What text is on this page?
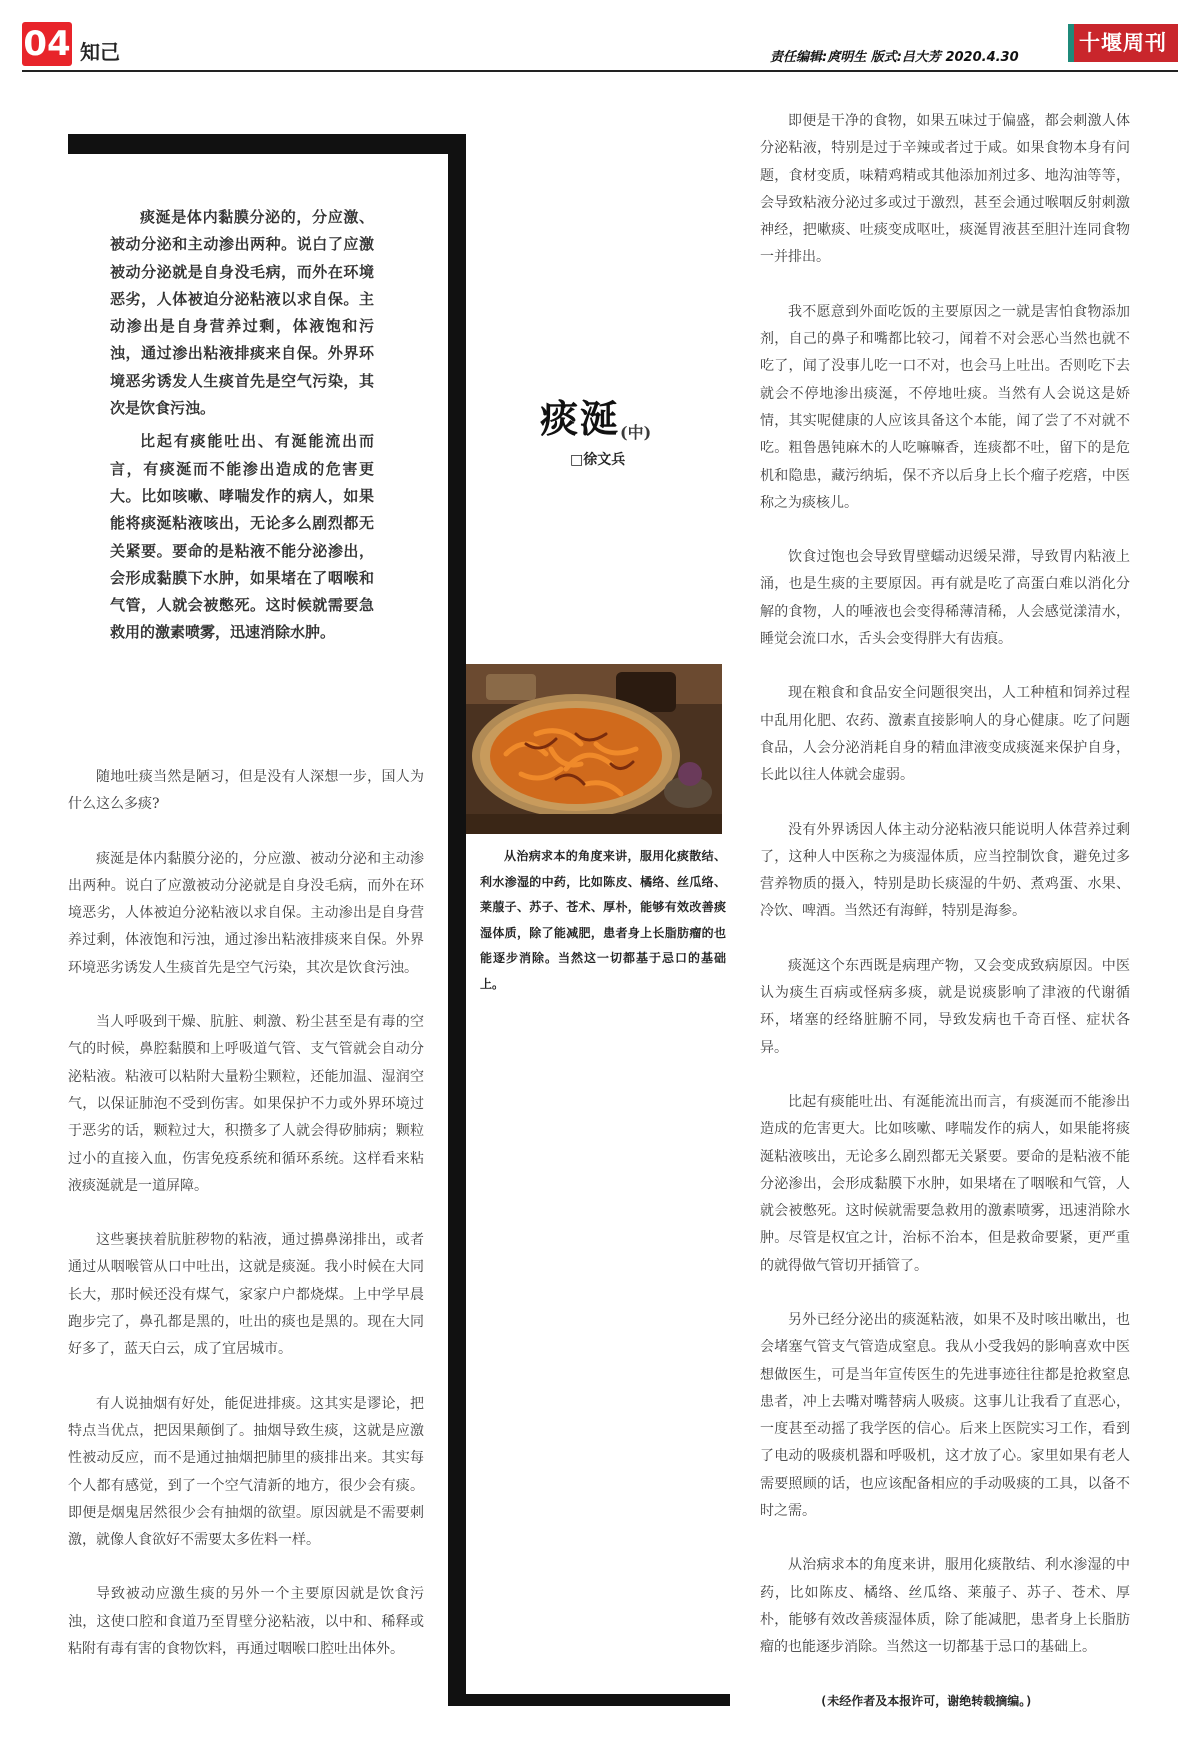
04 知己	责任编辑:庹明生 版式:吕大芳 2020.4.30
十堰周刊

痰涎是体内黏膜分泌的，分应激、被动分泌和主动渗出两种。说白了应激被动分泌就是自身没毛病，而外在环境恶劣，人体被迫分泌粘液以求自保。主动渗出是自身营养过剩，体液饱和污浊，通过渗出粘液排痰来自保。外界环境恶劣诱发人生痰首先是空气污染，其次是饮食污浊。

比起有痰能吐出、有涎能流出而言，有痰涎而不能渗出造成的危害更大。比如咳嗽、哮喘发作的病人，如果能将痰涎粘液咳出，无论多么剧烈都无关紧要。要命的是粘液不能分泌渗出，会形成黏膜下水肿，如果堵在了咽喉和气管，人就会被憋死。这时候就需要急救用的激素喷雾，迅速消除水肿。

痰涎(中)
□徐文兵
从治病求本的角度来讲，服用化痰散结、利水渗湿的中药，比如陈皮、橘络、丝瓜络、莱菔子、苏子、苍术、厚朴，能够有效改善痰湿体质，除了能减肥，患者身上长脂肪瘤的也能逐步消除。当然这一切都基于忌口的基础上。

随地吐痰当然是陋习，但是没有人深想一步，国人为什么这么多痰?

痰涎是体内黏膜分泌的，分应激、被动分泌和主动渗出两种。说白了应激被动分泌就是自身没毛病，而外在环境恶劣，人体被迫分泌粘液以求自保。主动渗出是自身营养过剩，体液饱和污浊，通过渗出粘液排痰来自保。外界环境恶劣诱发人生痰首先是空气污染，其次是饮食污浊。

当人呼吸到干燥、肮脏、刺激、粉尘甚至是有毒的空气的时候，鼻腔黏膜和上呼吸道气管、支气管就会自动分泌粘液。粘液可以粘附大量粉尘颗粒，还能加温、湿润空气，以保证肺泡不受到伤害。如果保护不力或外界环境过于恶劣的话，颗粒过大，积攒多了人就会得矽肺病；颗粒过小的直接入血，伤害免疫系统和循环系统。这样看来粘液痰涎就是一道屏障。

这些裹挟着肮脏秽物的粘液，通过擤鼻涕排出，或者通过从咽喉管从口中吐出，这就是痰涎。我小时候在大同长大，那时候还没有煤气，家家户户都烧煤。上中学早晨跑步完了，鼻孔都是黑的，吐出的痰也是黑的。现在大同好多了，蓝天白云，成了宜居城市。

有人说抽烟有好处，能促进排痰。这其实是谬论，把特点当优点，把因果颠倒了。抽烟导致生痰，这就是应激性被动反应，而不是通过抽烟把肺里的痰排出来。其实每个人都有感觉，到了一个空气清新的地方，很少会有痰。即便是烟鬼居然很少会有抽烟的欲望。原因就是不需要刺激，就像人食欲好不需要太多佐料一样。

导致被动应激生痰的另外一个主要原因就是饮食污浊，这使口腔和食道乃至胃壁分泌粘液，以中和、稀释或粘附有毒有害的食物饮料，再通过咽喉口腔吐出体外。

即便是干净的食物，如果五味过于偏盛，都会刺激人体分泌粘液，特别是过于辛辣或者过于咸。如果食物本身有问题，食材变质，味精鸡精或其他添加剂过多、地沟油等等，会导致粘液分泌过多或过于激烈，甚至会通过喉咽反射刺激神经，把嗽痰、吐痰变成呕吐，痰涎胃液甚至胆汁连同食物一并排出。

我不愿意到外面吃饭的主要原因之一就是害怕食物添加剂，自己的鼻子和嘴都比较刁，闻着不对会恶心当然也就不吃了，闻了没事儿吃一口不对，也会马上吐出。否则吃下去就会不停地渗出痰涎，不停地吐痰。当然有人会说这是娇情，其实呢健康的人应该具备这个本能，闻了尝了不对就不吃。粗鲁愚钝麻木的人吃嘛嘛香，连痰都不吐，留下的是危机和隐患，藏污纳垢，保不齐以后身上长个瘤子疙瘩，中医称之为痰核儿。

饮食过饱也会导致胃壁蠕动迟缓呆滞，导致胃内粘液上涌，也是生痰的主要原因。再有就是吃了高蛋白难以消化分解的食物，人的唾液也会变得稀薄清稀，人会感觉漾清水，睡觉会流口水，舌头会变得胖大有齿痕。

现在粮食和食品安全问题很突出，人工种植和饲养过程中乱用化肥、农药、激素直接影响人的身心健康。吃了问题食品，人会分泌消耗自身的精血津液变成痰涎来保护自身，长此以往人体就会虚弱。

没有外界诱因人体主动分泌粘液只能说明人体营养过剩了，这种人中医称之为痰湿体质，应当控制饮食，避免过多营养物质的摄入，特别是助长痰湿的牛奶、煮鸡蛋、水果、冷饮、啤酒。当然还有海鲜，特别是海参。

痰涎这个东西既是病理产物，又会变成致病原因。中医认为痰生百病或怪病多痰，就是说痰影响了津液的代谢循环，堵塞的经络脏腑不同，导致发病也千奇百怪、症状各异。

比起有痰能吐出、有涎能流出而言，有痰涎而不能渗出造成的危害更大。比如咳嗽、哮喘发作的病人，如果能将痰涎粘液咳出，无论多么剧烈都无关紧要。要命的是粘液不能分泌渗出，会形成黏膜下水肿，如果堵在了咽喉和气管，人就会被憋死。这时候就需要急救用的激素喷雾，迅速消除水肿。尽管是权宜之计，治标不治本，但是救命要紧，更严重的就得做气管切开插管了。

另外已经分泌出的痰涎粘液，如果不及时咳出嗽出，也会堵塞气管支气管造成窒息。我从小受我妈的影响喜欢中医想做医生，可是当年宣传医生的先进事迹往往都是抢救窒息患者，冲上去嘴对嘴替病人吸痰。这事儿让我看了直恶心，一度甚至动摇了我学医的信心。后来上医院实习工作，看到了电动的吸痰机器和呼吸机，这才放了心。家里如果有老人需要照顾的话，也应该配备相应的手动吸痰的工具，以备不时之需。

从治病求本的角度来讲，服用化痰散结、利水渗湿的中药，比如陈皮、橘络、丝瓜络、莱菔子、苏子、苍术、厚朴，能够有效改善痰湿体质，除了能减肥，患者身上长脂肪瘤的也能逐步消除。当然这一切都基于忌口的基础上。

(未经作者及本报许可，谢绝转载摘编。)
